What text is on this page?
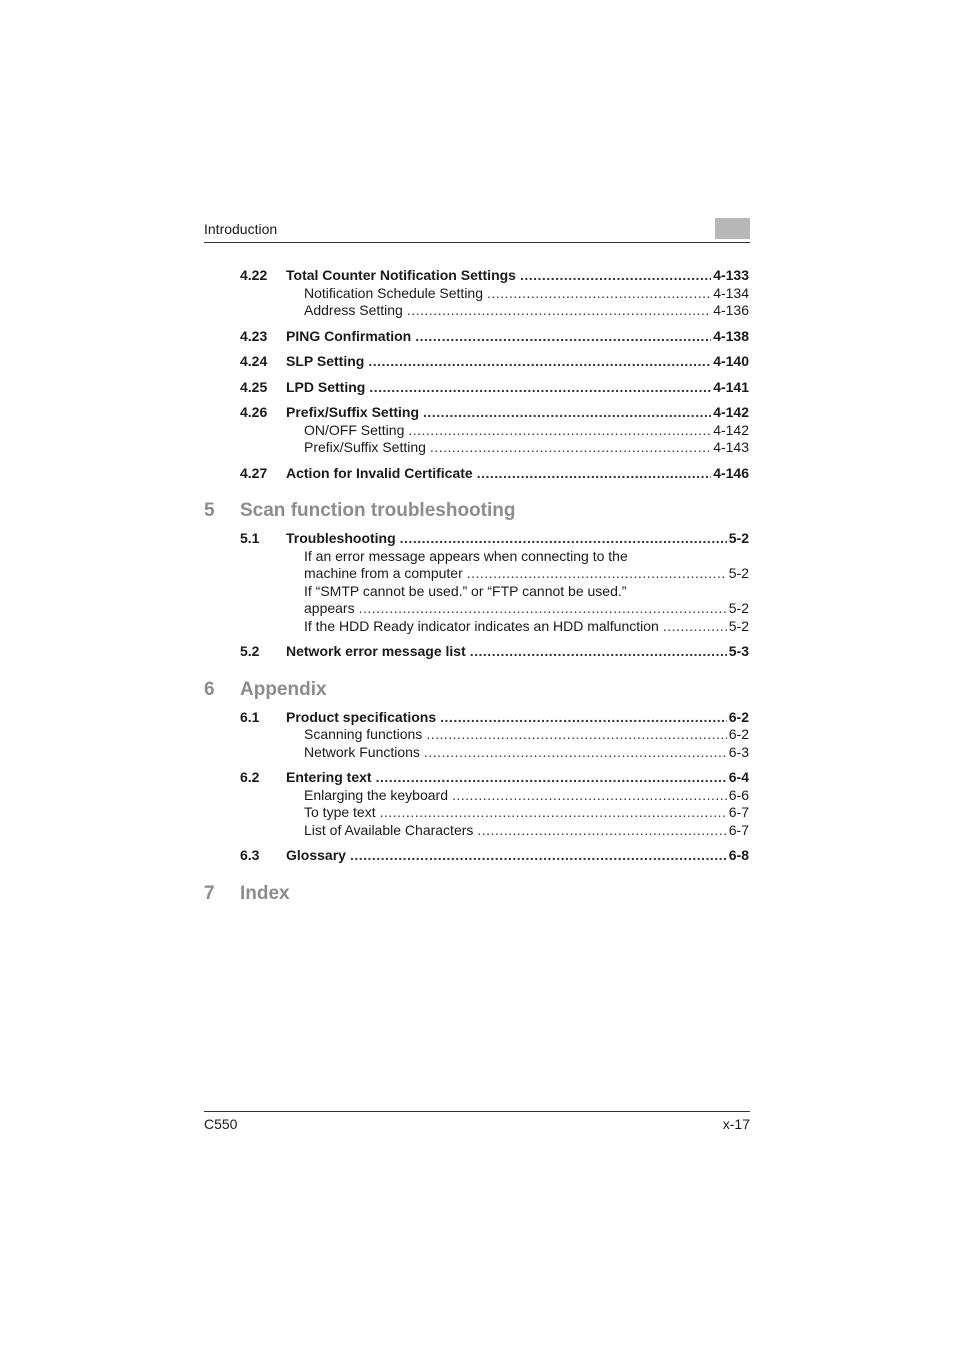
Introduction
4.22 Total Counter Notification Settings .....	4-133
Notification Schedule Setting .....	4-134
Address Setting .....	4-136
4.23 PING Confirmation .....	4-138
4.24 SLP Setting .....	4-140
4.25 LPD Setting .....	4-141
4.26 Prefix/Suffix Setting .....	4-142
ON/OFF Setting .....	4-142
Prefix/Suffix Setting .....	4-143
4.27 Action for Invalid Certificate .....	4-146
5 Scan function troubleshooting
5.1 Troubleshooting .....	5-2
If an error message appears when connecting to the
machine from a computer .....	5-2
If “SMTP cannot be used.” or “FTP cannot be used.”
appears .....	5-2
If the HDD Ready indicator indicates an HDD malfunction .....	5-2
5.2 Network error message list .....	5-3
6 Appendix
6.1 Product specifications .....	6-2
Scanning functions .....	6-2
Network Functions .....	6-3
6.2 Entering text .....	6-4
Enlarging the keyboard .....	6-6
To type text .....	6-7
List of Available Characters .....	6-7
6.3 Glossary .....	6-8
7 Index
C550	x-17
